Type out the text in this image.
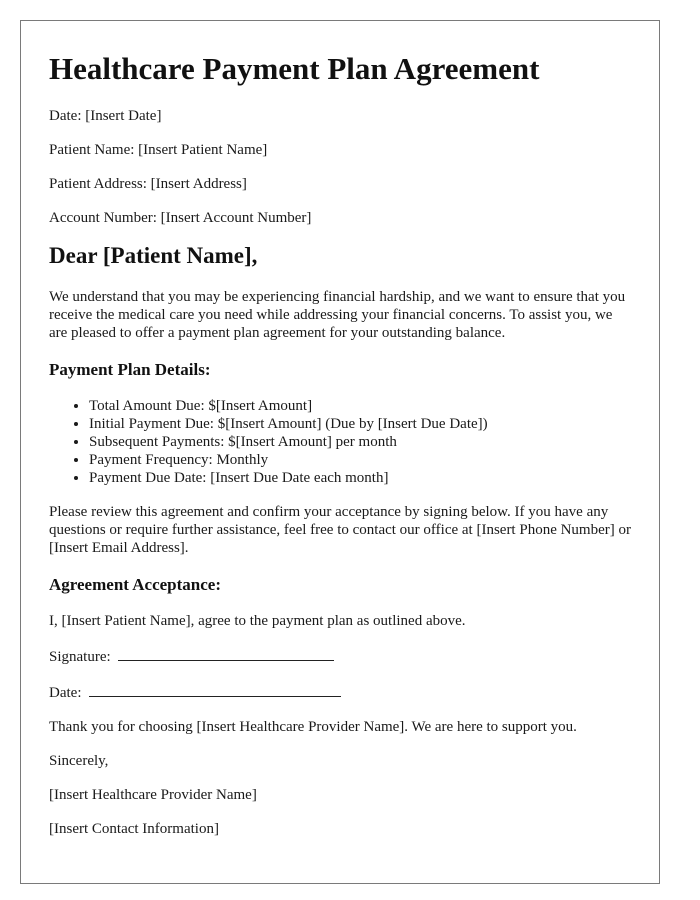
Healthcare Payment Plan Agreement

Date: [Insert Date]

Patient Name: [Insert Patient Name]

Patient Address: [Insert Address]

Account Number: [Insert Account Number]

Dear [Patient Name],

We understand that you may be experiencing financial hardship, and we want to ensure that you receive the medical care you need while addressing your financial concerns. To assist you, we are pleased to offer a payment plan agreement for your outstanding balance.

Payment Plan Details:
• Total Amount Due: $[Insert Amount]
• Initial Payment Due: $[Insert Amount] (Due by [Insert Due Date])
• Subsequent Payments: $[Insert Amount] per month
• Payment Frequency: Monthly
• Payment Due Date: [Insert Due Date each month]

Please review this agreement and confirm your acceptance by signing below. If you have any questions or require further assistance, feel free to contact our office at [Insert Phone Number] or [Insert Email Address].

Agreement Acceptance:

I, [Insert Patient Name], agree to the payment plan as outlined above.

Signature:
Date:

Thank you for choosing [Insert Healthcare Provider Name]. We are here to support you.

Sincerely,

[Insert Healthcare Provider Name]

[Insert Contact Information]
